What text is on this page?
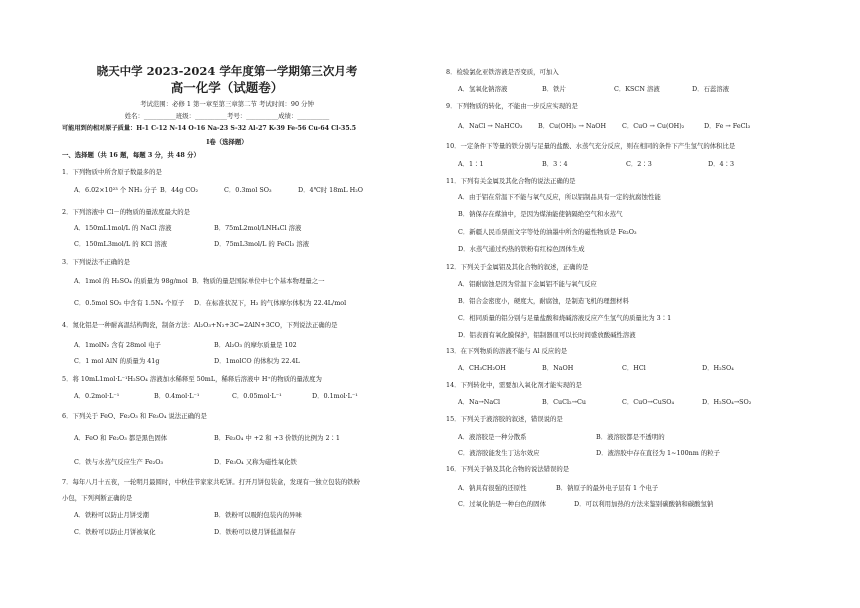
晓天中学 2023-2024 学年度第一学期第三次月考
高一化学（试题卷）
考试范围：必修 1 第一章至第三章第二节 考试时间：90 分钟
姓名：__________班级：__________考号：__________成绩：__________
可能用到的相对原子质量：H-1 C-12 N-14 O-16 Na-23 S-32 Al-27 K-39 Fe-56 Cu-64 Cl-35.5
Ⅰ卷（选择题）
一、选择题（共 16 题，每题 3 分，共 48 分）
1．下列物质中所含原子数最多的是
A．6.02×10²³ 个 NH₃ 分子 B．44g CO₂	C．0.3mol SO₃	D．4℃时 18mL H₂O
2．下列溶液中 Cl－的物质的量浓度最大的是
A．150mL1mol/L 的 NaCl 溶液	B．75mL2mol/LNH₄Cl 溶液
C．150mL3mol/L 的 KCl 溶液	D．75mL3mol/L 的 FeCl₃ 溶液
3．下列说法不正确的是
A．1mol 的 H₂SO₄ 的质量为 98g/mol B．物质的量是国际单位中七个基本物理量之一
C．0.5mol SO₂ 中含有 1.5Nₐ 个原子 D．在标准状况下，H₂ 的气体摩尔体积为 22.4L/mol
4．氮化铝是一种耐高温结构陶瓷，制备方法：Al₂O₃+N₂+3C=2AlN+3CO，下列说法正确的是
A．1molN₂ 含有 28mol 电子	B．Al₂O₃ 的摩尔质量是 102
C．1 mol AlN 的质量为 41g	D．1molCO 的体积为 22.4L
5．将 10mL1mol·L⁻¹H₂SO₄ 溶液加水稀释至 50mL，稀释后溶液中 H⁺的物质的量浓度为
A．0.2mol·L⁻¹	B．0.4mol·L⁻¹	C．0.05mol·L⁻¹	D．0.1mol·L⁻¹
6．下列关于 FeO、Fe₂O₃ 和 Fe₃O₄ 说法正确的是
A．FeO 和 Fe₂O₃ 都是黑色固体	B．Fe₃O₄ 中 +2 和 +3 价铁的比例为 2∶1
C．铁与水蒸气反应生产 Fe₂O₃	D．Fe₃O₄ 又称为磁性氧化铁
7．每年八月十五夜，一轮明月最圆时，中秋佳节家家共吃饼。打开月饼包装盒，发现有一独立包装的铁粉
小包，下列判断正确的是
A．铁粉可以防止月饼受潮	B．铁粉可以吸附包装内的异味
C．铁粉可以防止月饼被氧化	D．铁粉可以使月饼低温保存
8．检验氯化亚铁溶液是否变质，可加入
A．氢氧化钠溶液	B．铁片	C．KSCN 溶液	D．石蕊溶液
9．下列物质的转化，不能由一步反应实现的是
A．NaCl → NaHCO₃ B．Cu(OH)₂ → NaOH C．CuO → Cu(OH)₂	D．Fe → FeCl₃
10．一定条件下等量的铁分别与足量的盐酸、水蒸气充分反应，则在相同的条件下产生氢气的体积比是
A．1∶1	B．3∶4	C．2∶3	D．4∶3
11．下列有关金属及其化合物的说法正确的是
A．由于铝在常温下不能与氧气反应，所以铝制品具有一定的抗腐蚀性能
B．钠保存在煤油中，是因为煤油能使钠隔绝空气和水蒸气
C．新疆人民币票面文字等处的油墨中所含的磁性物质是 Fe₂O₃
D．水蒸气通过灼热的铁粉有红棕色固体生成
12．下列关于金属铝及其化合物的叙述，正确的是
A．铝耐腐蚀是因为常温下金属铝不能与氧气反应
B．铝合金密度小，硬度大，耐腐蚀，是制造飞机的理想材料
C．相同质量的铝分别与足量盐酸和烧碱溶液反应产生氢气的质量比为 3∶1
D．铝表面有氧化膜保护，铝制器皿可以长时间盛放酸碱性溶液
13．在下列物质的溶液不能与 Al 反应的是
A．CH₃CH₂OH	B．NaOH	C．HCl	D．H₂SO₄
14．下列转化中，需要加入氧化剂才能实现的是
A．Na→NaCl	B．CuCl₂→Cu	C．CuO→CuSO₄	D．H₂SO₄→SO₂
15．下列关于液溶胶的叙述，错误说的是
A．液溶胶是一种分散系	B．液溶胶都是不透明的
C．液溶胶能发生丁达尔效应	D．液溶胶中存在直径为 1~100nm 的粒子
16．下列关于钠及其化合物的说法错误的是
A．钠具有很强的还原性	B．钠原子的最外电子层有 1 个电子
C．过氧化钠是一种白色的固体	D．可以利用加热的方法来鉴别碳酸钠和碳酸氢钠
